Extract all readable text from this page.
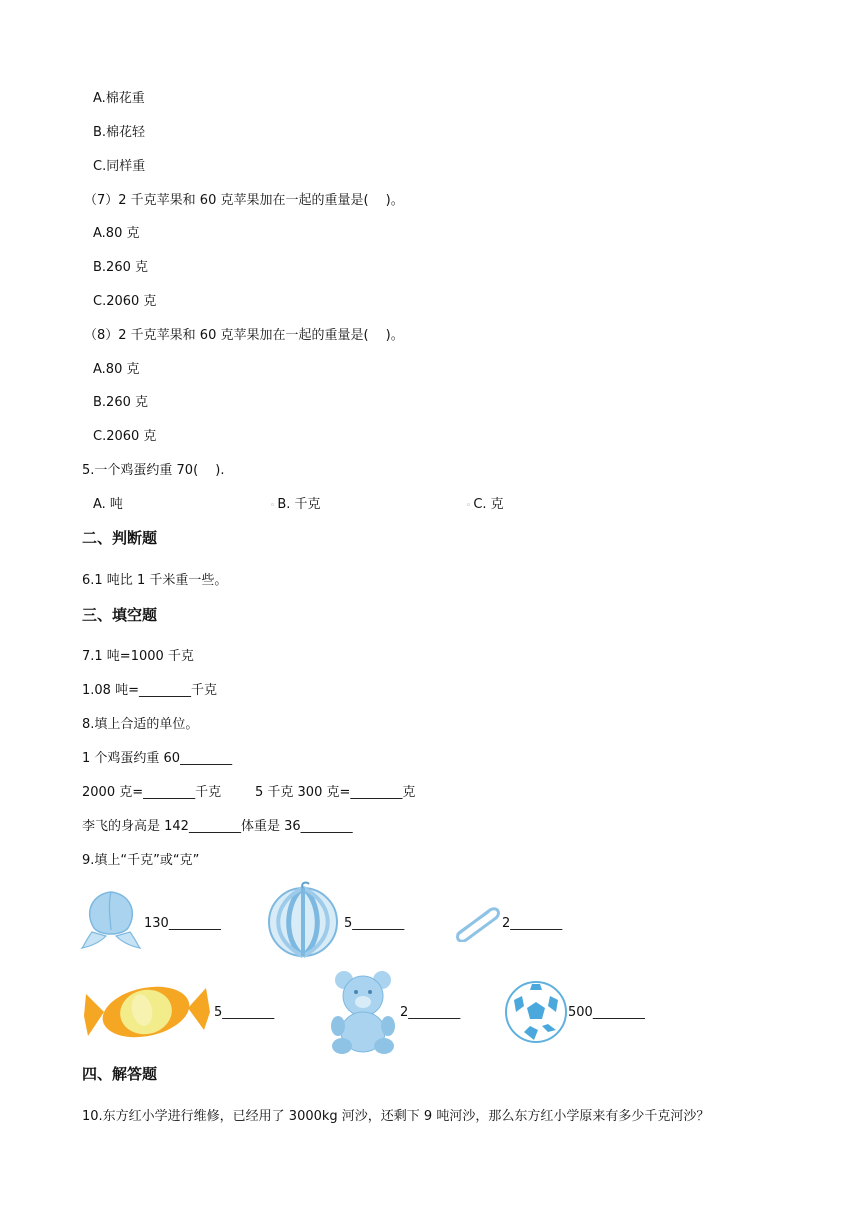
A.棉花重
B.棉花轻
C.同样重
（7）2 千克苹果和 60 克苹果加在一起的重量是(　 )。
A.80 克
B.260 克
C.2060 克
（8）2 千克苹果和 60 克苹果加在一起的重量是(　 )。
A.80 克
B.260 克
C.2060 克
5.一个鸡蛋约重 70(　 ).
A. 吨	◦ B. 千克	◦ C. 克
二、判断题
6.1 吨比 1 千米重一些。
三、填空题
7.1 吨=1000 千克
1.08 吨=________千克
8.填上合适的单位。
1 个鸡蛋约重 60________
2000 克=________千克	5 千克 300 克=________克
李飞的身高是 142________体重是 36________
9.填上“千克”或“克”
130________	5________	2________
5________	2________	500________
四、解答题
10.东方红小学进行维修，已经用了 3000kg 河沙，还剩下 9 吨河沙，那么东方红小学原来有多少千克河沙？
